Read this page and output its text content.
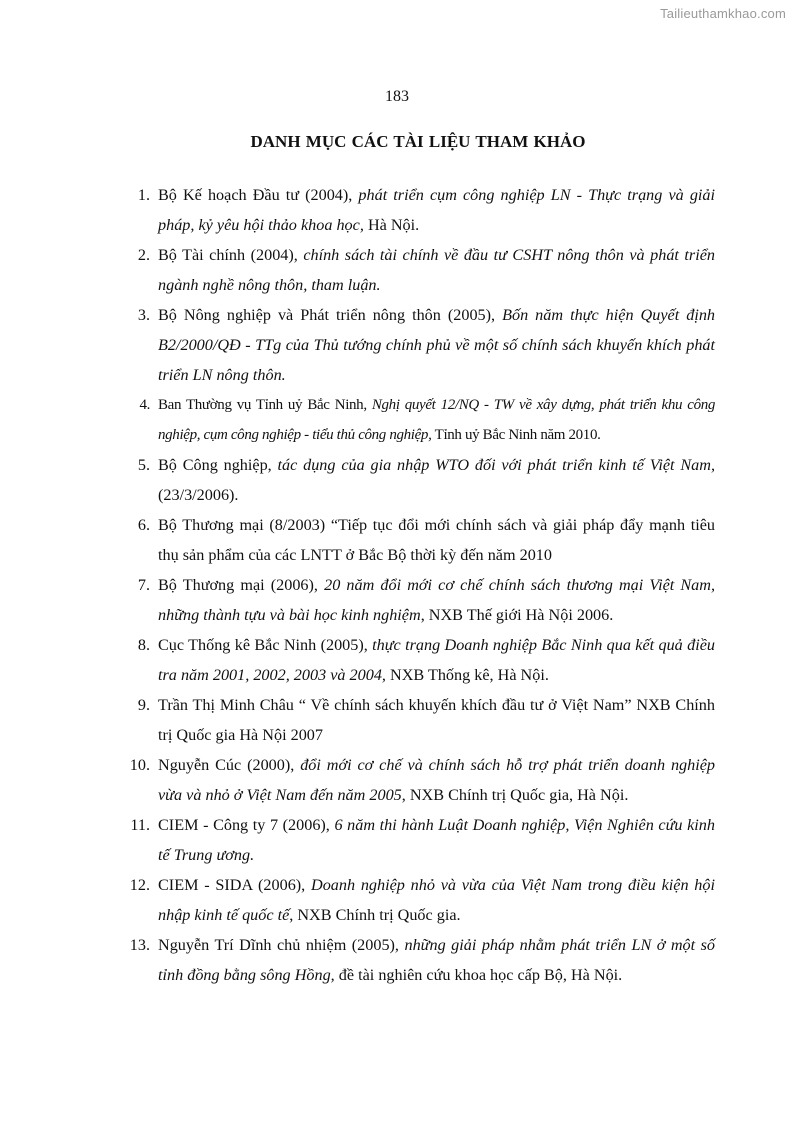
Tailieuthamkhao.com
183
DANH MỤC CÁC TÀI LIỆU THAM KHẢO
1. Bộ Kế hoạch Đầu tư (2004), phát triển cụm công nghiệp LN - Thực trạng và giải pháp, kỷ yêu hội thảo khoa học, Hà Nội.
2. Bộ Tài chính (2004), chính sách tài chính về đầu tư CSHT nông thôn và phát triển ngành nghề nông thôn, tham luận.
3. Bộ Nông nghiệp và Phát triển nông thôn (2005), Bốn năm thực hiện Quyết định B2/2000/QĐ - TTg của Thủ tướng chính phủ về một số chính sách khuyến khích phát triển LN nông thôn.
4. Ban Thường vụ Tỉnh uỷ Bắc Ninh, Nghị quyết 12/NQ - TW về xây dựng, phát triển khu công nghiệp, cụm công nghiệp - tiểu thủ công nghiệp, Tỉnh uỷ Bắc Ninh năm 2010.
5. Bộ Công nghiệp, tác dụng của gia nhập WTO đối với phát triển kinh tế Việt Nam, (23/3/2006).
6. Bộ Thương mại (8/2003) “Tiếp tục đổi mới chính sách và giải pháp đẩy mạnh tiêu thụ sản phẩm của các LNTT ở Bắc Bộ thời kỳ đến năm 2010
7. Bộ Thương mại (2006), 20 năm đổi mới cơ chế chính sách thương mại Việt Nam, những thành tựu và bài học kinh nghiệm, NXB Thế giới Hà Nội 2006.
8. Cục Thống kê Bắc Ninh (2005), thực trạng Doanh nghiệp Bắc Ninh qua kết quả điều tra năm 2001, 2002, 2003 và 2004, NXB Thống kê, Hà Nội.
9. Trần Thị Minh Châu “ Về chính sách khuyến khích đầu tư ở Việt Nam” NXB Chính trị Quốc gia Hà Nội 2007
10. Nguyễn Cúc (2000), đổi mới cơ chế và chính sách hỗ trợ phát triển doanh nghiệp vừa và nhỏ ở Việt Nam đến năm 2005, NXB Chính trị Quốc gia, Hà Nội.
11. CIEM - Công ty 7 (2006), 6 năm thi hành Luật Doanh nghiệp, Viện Nghiên cứu kinh tế Trung ương.
12. CIEM - SIDA (2006), Doanh nghiệp nhỏ và vừa của Việt Nam trong điều kiện hội nhập kinh tế quốc tế, NXB Chính trị Quốc gia.
13. Nguyễn Trí Dĩnh chủ nhiệm (2005), những giải pháp nhằm phát triển LN ở một số tỉnh đồng bằng sông Hồng, đề tài nghiên cứu khoa học cấp Bộ, Hà Nội.
